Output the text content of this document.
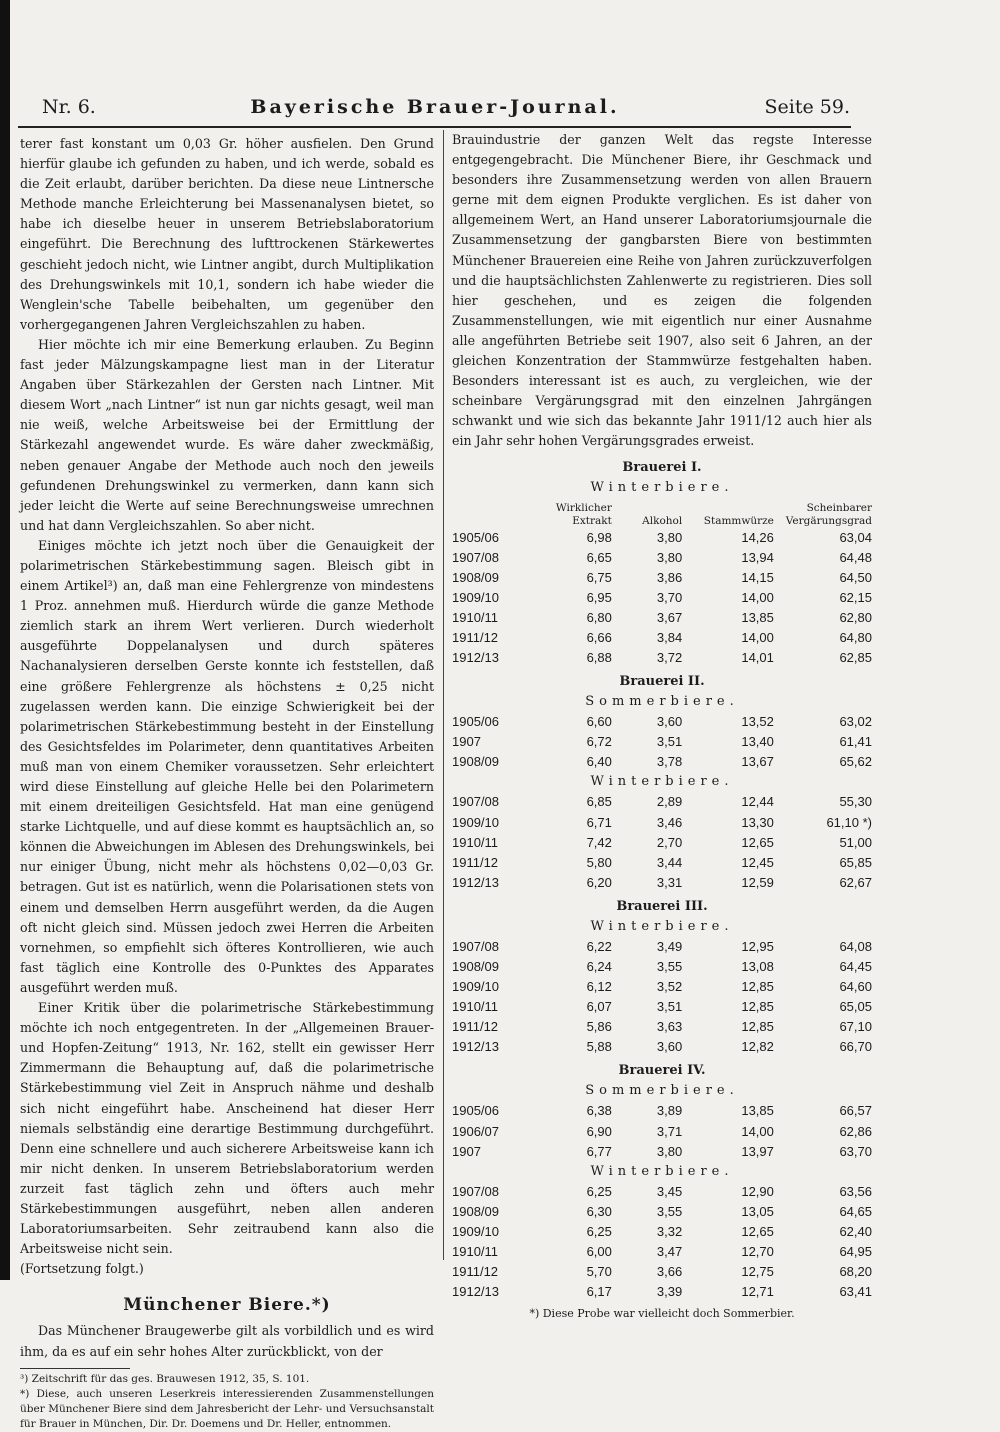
Nr. 6.	Bayerische Brauer-Journal.	Seite 59.

terer fast konstant um 0,03 Gr. höher ausfielen. Den Grund hierfür glaube ich gefunden zu haben, und ich werde, sobald es die Zeit erlaubt, darüber berichten. Da diese neue Lintnersche Methode manche Erleichterung bei Massenanalysen bietet, so habe ich dieselbe heuer in unserem Betriebslaboratorium eingeführt. Die Berechnung des lufttrockenen Stärkewertes geschieht jedoch nicht, wie Lintner angibt, durch Multiplikation des Drehungswinkels mit 10,1, sondern ich habe wieder die Wenglein'sche Tabelle beibehalten, um gegenüber den vorhergegangenen Jahren Vergleichszahlen zu haben.

Hier möchte ich mir eine Bemerkung erlauben. Zu Beginn fast jeder Mälzungskampagne liest man in der Literatur Angaben über Stärkezahlen der Gersten nach Lintner. Mit diesem Wort „nach Lintner“ ist nun gar nichts gesagt, weil man nie weiß, welche Arbeitsweise bei der Ermittlung der Stärkezahl angewendet wurde. Es wäre daher zweckmäßig, neben genauer Angabe der Methode auch noch den jeweils gefundenen Drehungswinkel zu vermerken, dann kann sich jeder leicht die Werte auf seine Berechnungsweise umrechnen und hat dann Vergleichszahlen. So aber nicht.

Einiges möchte ich jetzt noch über die Genauigkeit der polarimetrischen Stärkebestimmung sagen. Bleisch gibt in einem Artikel³) an, daß man eine Fehlergrenze von mindestens 1 Proz. annehmen muß. Hierdurch würde die ganze Methode ziemlich stark an ihrem Wert verlieren. Durch wiederholt ausgeführte Doppelanalysen und durch späteres Nachanalysieren derselben Gerste konnte ich feststellen, daß eine größere Fehlergrenze als höchstens ± 0,25 nicht zugelassen werden kann. Die einzige Schwierigkeit bei der polarimetrischen Stärkebestimmung besteht in der Einstellung des Gesichtsfeldes im Polarimeter, denn quantitatives Arbeiten muß man von einem Chemiker voraussetzen. Sehr erleichtert wird diese Einstellung auf gleiche Helle bei den Polarimetern mit einem dreiteiligen Gesichtsfeld. Hat man eine genügend starke Lichtquelle, und auf diese kommt es hauptsächlich an, so können die Abweichungen im Ablesen des Drehungswinkels, bei nur einiger Übung, nicht mehr als höchstens 0,02—0,03 Gr. betragen. Gut ist es natürlich, wenn die Polarisationen stets von einem und demselben Herrn ausgeführt werden, da die Augen oft nicht gleich sind. Müssen jedoch zwei Herren die Arbeiten vornehmen, so empfiehlt sich öfteres Kontrollieren, wie auch fast täglich eine Kontrolle des 0-Punktes des Apparates ausgeführt werden muß.

Einer Kritik über die polarimetrische Stärkebestimmung möchte ich noch entgegentreten. In der „Allgemeinen Brauer- und Hopfen-Zeitung“ 1913, Nr. 162, stellt ein gewisser Herr Zimmermann die Behauptung auf, daß die polarimetrische Stärkebestimmung viel Zeit in Anspruch nähme und deshalb sich nicht eingeführt habe. Anscheinend hat dieser Herr niemals selbständig eine derartige Bestimmung durchgeführt. Denn eine schnellere und auch sicherere Arbeitsweise kann ich mir nicht denken. In unserem Betriebslaboratorium werden zurzeit fast täglich zehn und öfters auch mehr Stärkebestimmungen ausgeführt, neben allen anderen Laboratoriumsarbeiten. Sehr zeitraubend kann also die Arbeitsweise nicht sein.

(Fortsetzung folgt.)

Münchener Biere.*)

Das Münchener Braugewerbe gilt als vorbildlich und es wird ihm, da es auf ein sehr hohes Alter zurückblickt, von der

³) Zeitschrift für das ges. Brauwesen 1912, 35, S. 101.

*) Diese, auch unseren Leserkreis interessierenden Zusammenstellungen über Münchener Biere sind dem Jahresbericht der Lehr- und Versuchsanstalt für Brauer in München, Dir. Dr. Doemens und Dr. Heller, entnommen.

Brauindustrie der ganzen Welt das regste Interesse entgegengebracht. Die Münchener Biere, ihr Geschmack und besonders ihre Zusammensetzung werden von allen Brauern gerne mit dem eignen Produkte verglichen. Es ist daher von allgemeinem Wert, an Hand unserer Laboratoriumsjournale die Zusammensetzung der gangbarsten Biere von bestimmten Münchener Brauereien eine Reihe von Jahren zurückzuverfolgen und die hauptsächlichsten Zahlenwerte zu registrieren. Dies soll hier geschehen, und es zeigen die folgenden Zusammenstellungen, wie mit eigentlich nur einer Ausnahme alle angeführten Betriebe seit 1907, also seit 6 Jahren, an der gleichen Konzentration der Stammwürze festgehalten haben. Besonders interessant ist es auch, zu vergleichen, wie der scheinbare Vergärungsgrad mit den einzelnen Jahrgängen schwankt und wie sich das bekannte Jahr 1911/12 auch hier als ein Jahr sehr hohen Vergärungsgrades erweist.

Brauerei I.
Winterbiere.
	Wirklicher Extrakt	Alkohol	Stammwürze	Scheinbarer Vergärungsgrad
1905/06	6,98	3,80	14,26	63,04
1907/08	6,65	3,80	13,94	64,48
1908/09	6,75	3,86	14,15	64,50
1909/10	6,95	3,70	14,00	62,15
1910/11	6,80	3,67	13,85	62,80
1911/12	6,66	3,84	14,00	64,80
1912/13	6,88	3,72	14,01	62,85
Brauerei II.
Sommerbiere.
1905/06	6,60	3,60	13,52	63,02
1907	6,72	3,51	13,40	61,41
1908/09	6,40	3,78	13,67	65,62
Winterbiere.
1907/08	6,85	2,89	12,44	55,30
1909/10	6,71	3,46	13,30	61,10 *)
1910/11	7,42	2,70	12,65	51,00
1911/12	5,80	3,44	12,45	65,85
1912/13	6,20	3,31	12,59	62,67
Brauerei III.
Winterbiere.
1907/08	6,22	3,49	12,95	64,08
1908/09	6,24	3,55	13,08	64,45
1909/10	6,12	3,52	12,85	64,60
1910/11	6,07	3,51	12,85	65,05
1911/12	5,86	3,63	12,85	67,10
1912/13	5,88	3,60	12,82	66,70
Brauerei IV.
Sommerbiere.
1905/06	6,38	3,89	13,85	66,57
1906/07	6,90	3,71	14,00	62,86
1907	6,77	3,80	13,97	63,70
Winterbiere.
1907/08	6,25	3,45	12,90	63,56
1908/09	6,30	3,55	13,05	64,65
1909/10	6,25	3,32	12,65	62,40
1910/11	6,00	3,47	12,70	64,95
1911/12	5,70	3,66	12,75	68,20
1912/13	6,17	3,39	12,71	63,41
*) Diese Probe war vielleicht doch Sommerbier.
